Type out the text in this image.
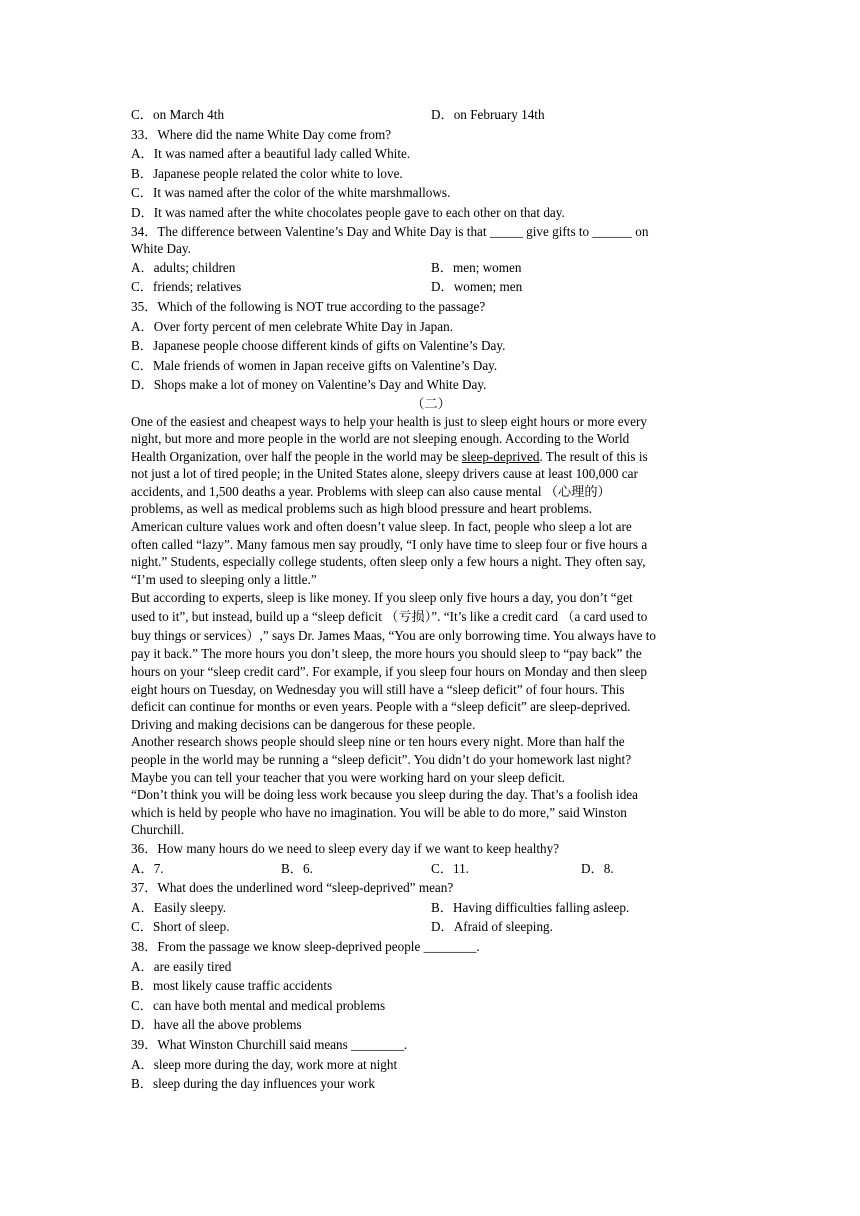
C．on March 4th	D．on February 14th
33．Where did the name White Day come from?
A．It was named after a beautiful lady called White.
B．Japanese people related the color white to love.
C．It was named after the color of the white marshmallows.
D．It was named after the white chocolates people gave to each other on that day.
34．The difference between Valentine’s Day and White Day is that _____ give gifts to ______ on
White Day.
A．adults; children	B．men; women
C．friends; relatives	D．women; men
35．Which of the following is NOT true according to the passage?
A．Over forty percent of men celebrate White Day in Japan.
B．Japanese people choose different kinds of gifts on Valentine’s Day.
C．Male friends of women in Japan receive gifts on Valentine’s Day.
D．Shops make a lot of money on Valentine’s Day and White Day.
（二）
One of the easiest and cheapest ways to help your health is just to sleep eight hours or more every
night, but more and more people in the world are not sleeping enough. According to the World
Health Organization, over half the people in the world may be sleep-deprived. The result of this is
not just a lot of tired people; in the United States alone, sleepy drivers cause at least 100,000 car
accidents, and 1,500 deaths a year. Problems with sleep can also cause mental （心理的）
problems, as well as medical problems such as high blood pressure and heart problems.
American culture values work and often doesn’t value sleep. In fact, people who sleep a lot are
often called “lazy”. Many famous men say proudly, “I only have time to sleep four or five hours a
night.” Students, especially college students, often sleep only a few hours a night. They often say,
“I’m used to sleeping only a little.”
But according to experts, sleep is like money. If you sleep only five hours a day, you don’t “get
used to it”, but instead, build up a “sleep deficit （亏损）”. “It’s like a credit card （a card used to
buy things or services）,” says Dr. James Maas, “You are only borrowing time. You always have to
pay it back.” The more hours you don’t sleep, the more hours you should sleep to “pay back” the
hours on your “sleep credit card”. For example, if you sleep four hours on Monday and then sleep
eight hours on Tuesday, on Wednesday you will still have a “sleep deficit” of four hours. This
deficit can continue for months or even years. People with a “sleep deficit” are sleep-deprived.
Driving and making decisions can be dangerous for these people.
Another research shows people should sleep nine or ten hours every night. More than half the
people in the world may be running a “sleep deficit”. You didn’t do your homework last night?
Maybe you can tell your teacher that you were working hard on your sleep deficit.
“Don’t think you will be doing less work because you sleep during the day. That’s a foolish idea
which is held by people who have no imagination. You will be able to do more,” said Winston
Churchill.
36．How many hours do we need to sleep every day if we want to keep healthy?
A．7.	B．6.	C．11.	D．8.
37．What does the underlined word “sleep-deprived” mean?
A．Easily sleepy.	B．Having difficulties falling asleep.
C．Short of sleep.	D．Afraid of sleeping.
38．From the passage we know sleep-deprived people ________.
A．are easily tired
B．most likely cause traffic accidents
C．can have both mental and medical problems
D．have all the above problems
39．What Winston Churchill said means ________.
A．sleep more during the day, work more at night
B．sleep during the day influences your work
